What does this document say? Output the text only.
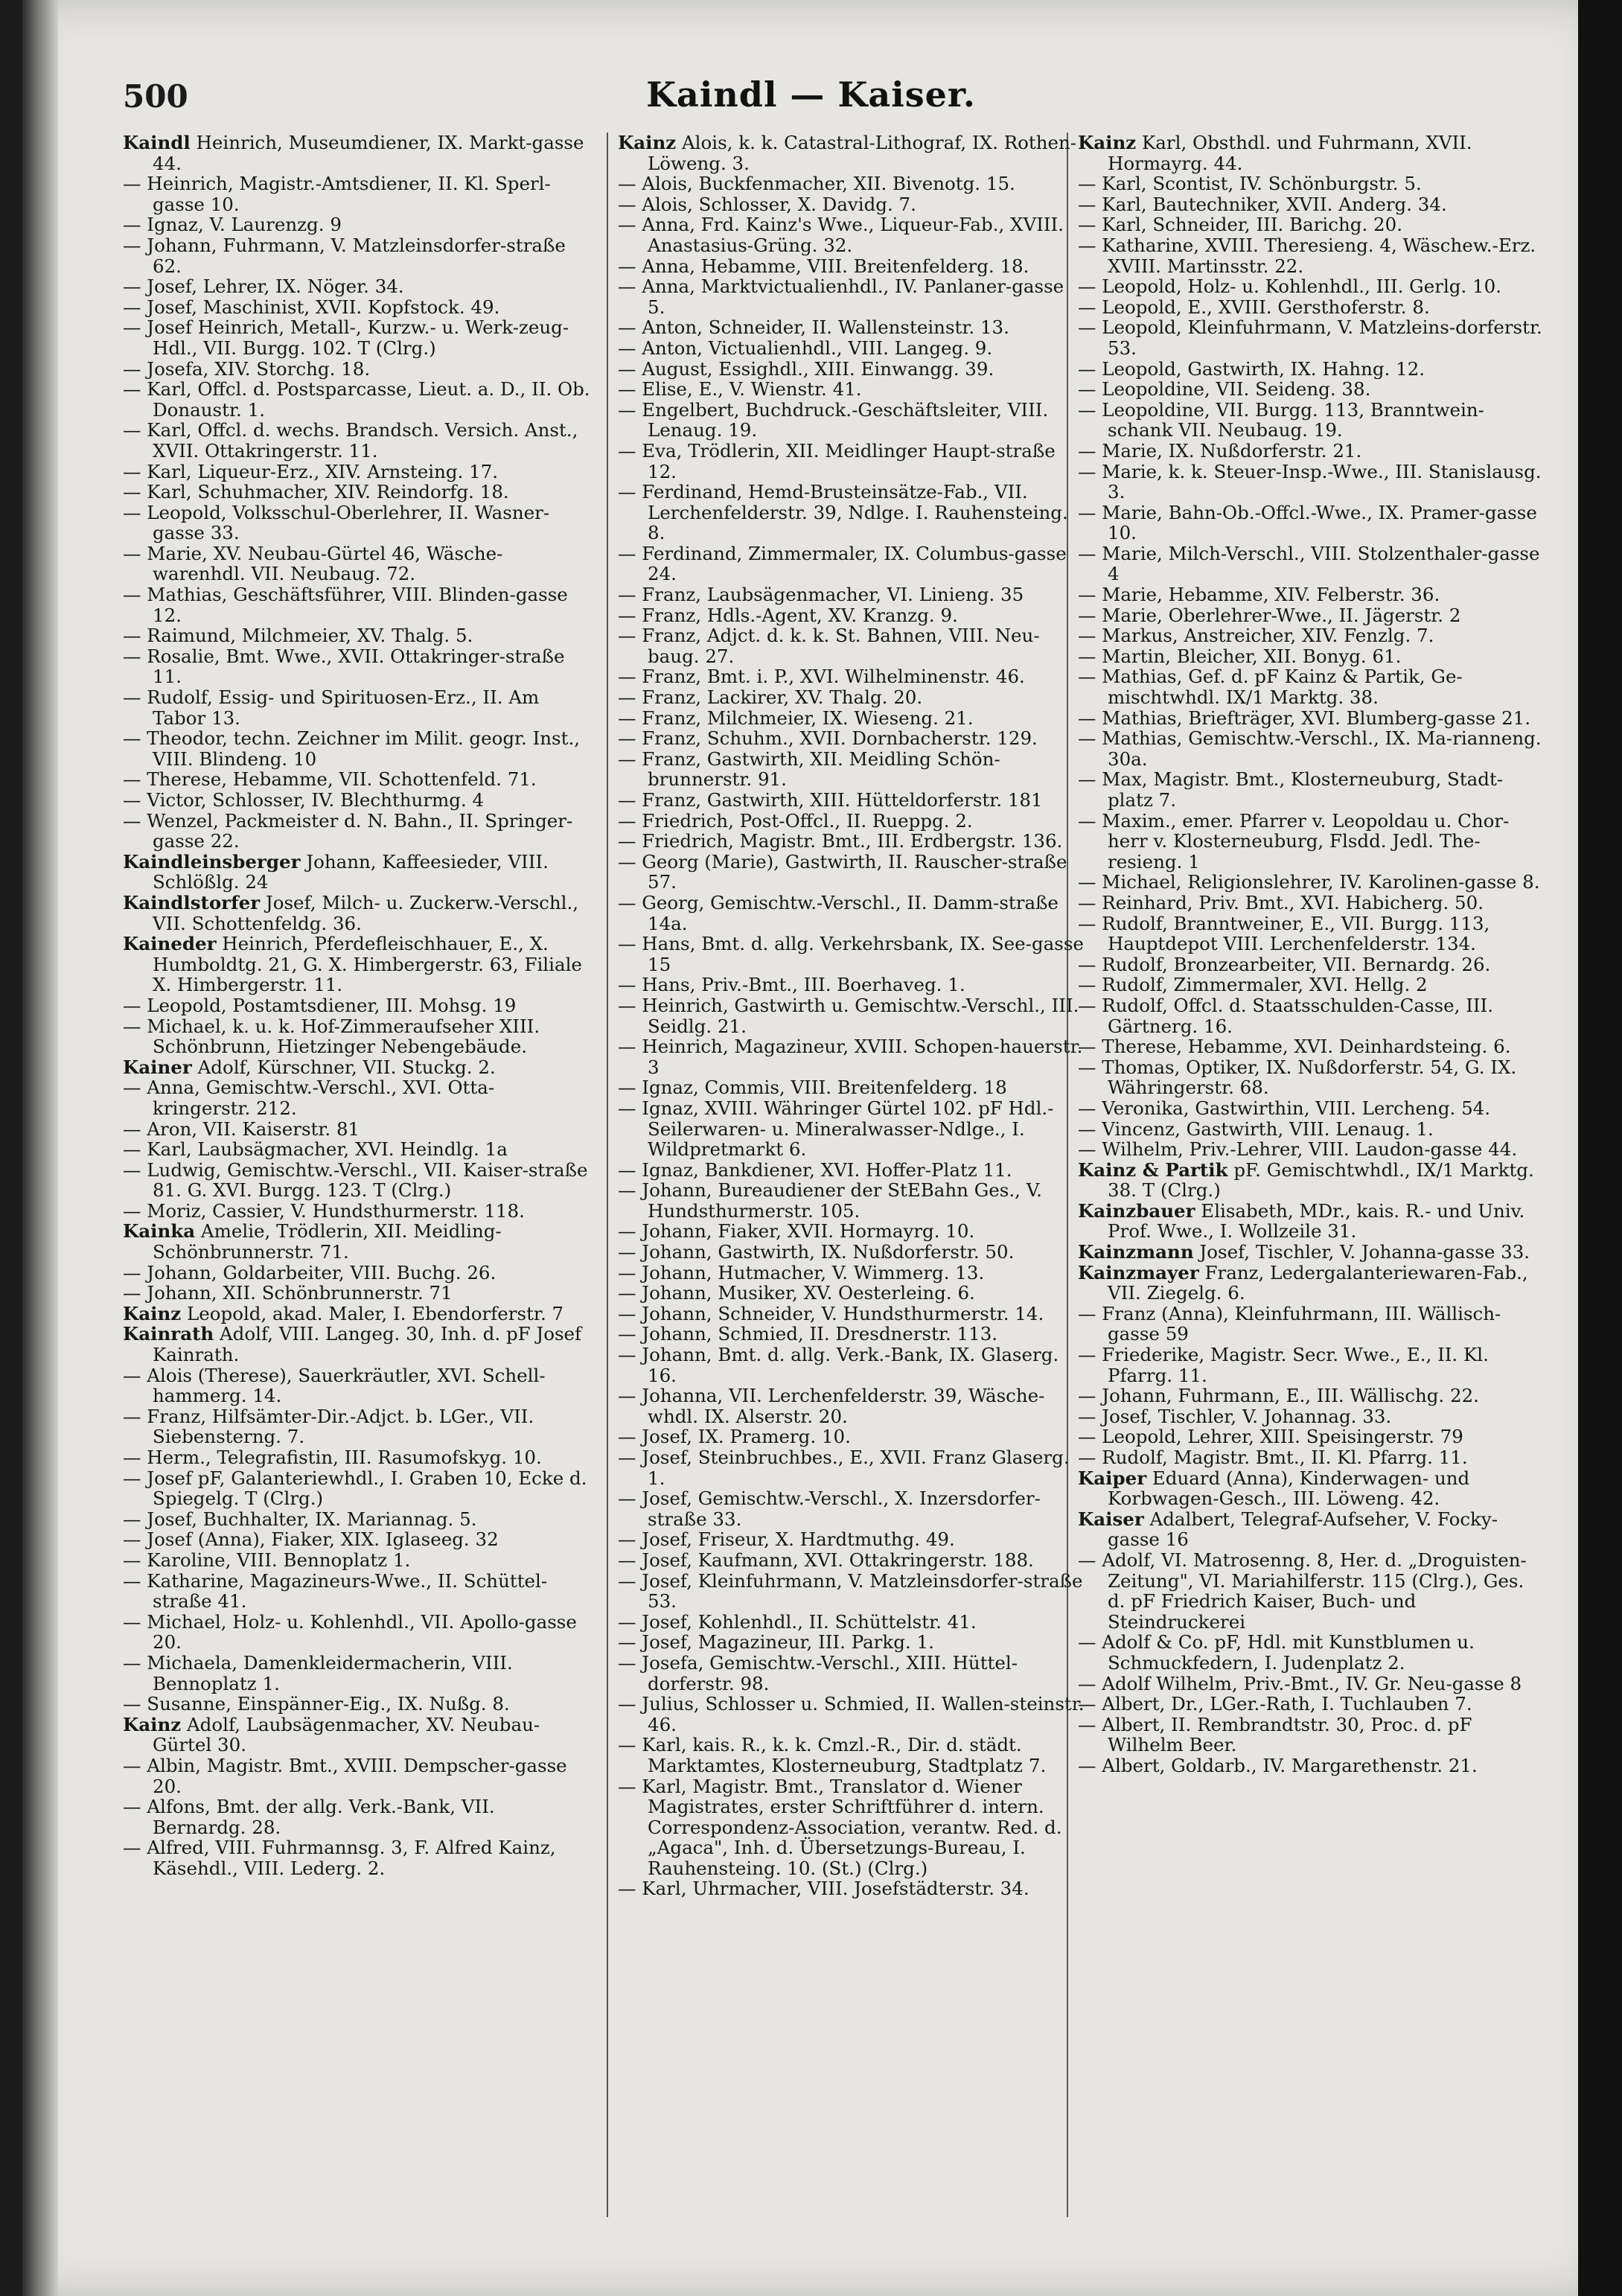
500	Kaindl — Kaiser.

Kaindl Heinrich, Museumdiener, IX. Markt-gasse 44.

— Heinrich, Magistr.-Amtsdiener, II. Kl. Sperl-gasse 10.

— Ignaz, V. Laurenzg. 9

— Johann, Fuhrmann, V. Matzleinsdorfer-straße 62.

— Josef, Lehrer, IX. Nöger. 34.

— Josef, Maschinist, XVII. Kopfstock. 49.

— Josef Heinrich, Metall-, Kurzw.- u. Werk-zeug-Hdl., VII. Burgg. 102. T (Clrg.)

— Josefa, XIV. Storchg. 18.

— Karl, Offcl. d. Postsparcasse, Lieut. a. D., II. Ob. Donaustr. 1.

— Karl, Offcl. d. wechs. Brandsch. Versich. Anst., XVII. Ottakringerstr. 11.

— Karl, Liqueur-Erz., XIV. Arnsteing. 17.

— Karl, Schuhmacher, XIV. Reindorfg. 18.

— Leopold, Volksschul-Oberlehrer, II. Wasner-gasse 33.

— Marie, XV. Neubau-Gürtel 46, Wäsche-warenhdl. VII. Neubaug. 72.

— Mathias, Geschäftsführer, VIII. Blinden-gasse 12.

— Raimund, Milchmeier, XV. Thalg. 5.

— Rosalie, Bmt. Wwe., XVII. Ottakringer-straße 11.

— Rudolf, Essig- und Spirituosen-Erz., II. Am Tabor 13.

— Theodor, techn. Zeichner im Milit. geogr. Inst., VIII. Blindeng. 10

— Therese, Hebamme, VII. Schottenfeld. 71.

— Victor, Schlosser, IV. Blechthurmg. 4

— Wenzel, Packmeister d. N. Bahn., II. Springer-gasse 22.

Kaindleinsberger Johann, Kaffeesieder, VIII. Schlößlg. 24

Kaindlstorfer Josef, Milch- u. Zuckerw.-Verschl., VII. Schottenfeldg. 36.

Kaineder Heinrich, Pferdefleischhauer, E., X. Humboldtg. 21, G. X. Himbergerstr. 63, Filiale X. Himbergerstr. 11.

— Leopold, Postamtsdiener, III. Mohsg. 19

— Michael, k. u. k. Hof-Zimmeraufseher XIII. Schönbrunn, Hietzinger Nebengebäude.

Kainer Adolf, Kürschner, VII. Stuckg. 2.

— Anna, Gemischtw.-Verschl., XVI. Otta-kringerstr. 212.

— Aron, VII. Kaiserstr. 81

— Karl, Laubsägmacher, XVI. Heindlg. 1a

— Ludwig, Gemischtw.-Verschl., VII. Kaiser-straße 81. G. XVI. Burgg. 123. T (Clrg.)

— Moriz, Cassier, V. Hundsthurmerstr. 118.

Kainka Amelie, Trödlerin, XII. Meidling-Schönbrunnerstr. 71.

— Johann, Goldarbeiter, VIII. Buchg. 26.

— Johann, XII. Schönbrunnerstr. 71

Kainz Leopold, akad. Maler, I. Ebendorferstr. 7

Kainrath Adolf, VIII. Langeg. 30, Inh. d. pF Josef Kainrath.

— Alois (Therese), Sauerkräutler, XVI. Schell-hammerg. 14.

— Franz, Hilfsämter-Dir.-Adjct. b. LGer., VII. Siebensterng. 7.

— Herm., Telegrafistin, III. Rasumofskyg. 10.

— Josef pF, Galanteriewhdl., I. Graben 10, Ecke d. Spiegelg. T (Clrg.)

— Josef, Buchhalter, IX. Mariannag. 5.

— Josef (Anna), Fiaker, XIX. Iglaseeg. 32

— Karoline, VIII. Bennoplatz 1.

— Katharine, Magazineurs-Wwe., II. Schüttel-straße 41.

— Michael, Holz- u. Kohlenhdl., VII. Apollo-gasse 20.

— Michaela, Damenkleidermacherin, VIII. Bennoplatz 1.

— Susanne, Einspänner-Eig., IX. Nußg. 8.

Kainz Adolf, Laubsägenmacher, XV. Neubau-Gürtel 30.

— Albin, Magistr. Bmt., XVIII. Dempscher-gasse 20.

— Alfons, Bmt. der allg. Verk.-Bank, VII. Bernardg. 28.

— Alfred, VIII. Fuhrmannsg. 3, F. Alfred Kainz, Käsehdl., VIII. Lederg. 2.

Kainz Alois, k. k. Catastral-Lithograf, IX. Rothen-Löweng. 3.

— Alois, Buckfenmacher, XII. Bivenotg. 15.

— Alois, Schlosser, X. Davidg. 7.

— Anna, Frd. Kainz's Wwe., Liqueur-Fab., XVIII. Anastasius-Grüng. 32.

— Anna, Hebamme, VIII. Breitenfelderg. 18.

— Anna, Marktvictualienhdl., IV. Panlaner-gasse 5.

— Anton, Schneider, II. Wallensteinstr. 13.

— Anton, Victualienhdl., VIII. Langeg. 9.

— August, Essighdl., XIII. Einwangg. 39.

— Elise, E., V. Wienstr. 41.

— Engelbert, Buchdruck.-Geschäftsleiter, VIII. Lenaug. 19.

— Eva, Trödlerin, XII. Meidlinger Haupt-straße 12.

— Ferdinand, Hemd-Brusteinsätze-Fab., VII. Lerchenfelderstr. 39, Ndlge. I. Rauhensteing. 8.

— Ferdinand, Zimmermaler, IX. Columbus-gasse 24.

— Franz, Laubsägenmacher, VI. Linieng. 35

— Franz, Hdls.-Agent, XV. Kranzg. 9.

— Franz, Adjct. d. k. k. St. Bahnen, VIII. Neu-baug. 27.

— Franz, Bmt. i. P., XVI. Wilhelminenstr. 46.

— Franz, Lackirer, XV. Thalg. 20.

— Franz, Milchmeier, IX. Wieseng. 21.

— Franz, Schuhm., XVII. Dornbacherstr. 129.

— Franz, Gastwirth, XII. Meidling Schön-brunnerstr. 91.

— Franz, Gastwirth, XIII. Hütteldorferstr. 181

— Friedrich, Post-Offcl., II. Rueppg. 2.

— Friedrich, Magistr. Bmt., III. Erdbergstr. 136.

— Georg (Marie), Gastwirth, II. Rauscher-straße 57.

— Georg, Gemischtw.-Verschl., II. Damm-straße 14a.

— Hans, Bmt. d. allg. Verkehrsbank, IX. See-gasse 15

— Hans, Priv.-Bmt., III. Boerhaveg. 1.

— Heinrich, Gastwirth u. Gemischtw.-Verschl., III. Seidlg. 21.

— Heinrich, Magazineur, XVIII. Schopen-hauerstr. 3

— Ignaz, Commis, VIII. Breitenfelderg. 18

— Ignaz, XVIII. Währinger Gürtel 102. pF Hdl.-Seilerwaren- u. Mineralwasser-Ndlge., I. Wildpretmarkt 6.

— Ignaz, Bankdiener, XVI. Hoffer-Platz 11.

— Johann, Bureaudiener der StEBahn Ges., V. Hundsthurmerstr. 105.

— Johann, Fiaker, XVII. Hormayrg. 10.

— Johann, Gastwirth, IX. Nußdorferstr. 50.

— Johann, Hutmacher, V. Wimmerg. 13.

— Johann, Musiker, XV. Oesterleing. 6.

— Johann, Schneider, V. Hundsthurmerstr. 14.

— Johann, Schmied, II. Dresdnerstr. 113.

— Johann, Bmt. d. allg. Verk.-Bank, IX. Glaserg. 16.

— Johanna, VII. Lerchenfelderstr. 39, Wäsche-whdl. IX. Alserstr. 20.

— Josef, IX. Pramerg. 10.

— Josef, Steinbruchbes., E., XVII. Franz Glaserg. 1.

— Josef, Gemischtw.-Verschl., X. Inzersdorfer-straße 33.

— Josef, Friseur, X. Hardtmuthg. 49.

— Josef, Kaufmann, XVI. Ottakringerstr. 188.

— Josef, Kleinfuhrmann, V. Matzleinsdorfer-straße 53.

— Josef, Kohlenhdl., II. Schüttelstr. 41.

— Josef, Magazineur, III. Parkg. 1.

— Josefa, Gemischtw.-Verschl., XIII. Hüttel-dorferstr. 98.

— Julius, Schlosser u. Schmied, II. Wallen-steinstr. 46.

— Karl, kais. R., k. k. Cmzl.-R., Dir. d. städt. Marktamtes, Klosterneuburg, Stadtplatz 7.

— Karl, Magistr. Bmt., Translator d. Wiener Magistrates, erster Schriftführer d. intern. Correspondenz-Association, verantw. Red. d. „Agaca", Inh. d. Übersetzungs-Bureau, I. Rauhensteing. 10. (St.) (Clrg.)

— Karl, Uhrmacher, VIII. Josefstädterstr. 34.

Kainz Karl, Obsthdl. und Fuhrmann, XVII. Hormayrg. 44.

— Karl, Scontist, IV. Schönburgstr. 5.

— Karl, Bautechniker, XVII. Anderg. 34.

— Karl, Schneider, III. Barichg. 20.

— Katharine, XVIII. Theresieng. 4, Wäschew.-Erz. XVIII. Martinsstr. 22.

— Leopold, Holz- u. Kohlenhdl., III. Gerlg. 10.

— Leopold, E., XVIII. Gersthoferstr. 8.

— Leopold, Kleinfuhrmann, V. Matzleins-dorferstr. 53.

— Leopold, Gastwirth, IX. Hahng. 12.

— Leopoldine, VII. Seideng. 38.

— Leopoldine, VII. Burgg. 113, Branntwein-schank VII. Neubaug. 19.

— Marie, IX. Nußdorferstr. 21.

— Marie, k. k. Steuer-Insp.-Wwe., III. Stanislausg. 3.

— Marie, Bahn-Ob.-Offcl.-Wwe., IX. Pramer-gasse 10.

— Marie, Milch-Verschl., VIII. Stolzenthaler-gasse 4

— Marie, Hebamme, XIV. Felberstr. 36.

— Marie, Oberlehrer-Wwe., II. Jägerstr. 2

— Markus, Anstreicher, XIV. Fenzlg. 7.

— Martin, Bleicher, XII. Bonyg. 61.

— Mathias, Gef. d. pF Kainz & Partik, Ge-mischtwhdl. IX/1 Marktg. 38.

— Mathias, Briefträger, XVI. Blumberg-gasse 21.

— Mathias, Gemischtw.-Verschl., IX. Ma-rianneng. 30a.

— Max, Magistr. Bmt., Klosterneuburg, Stadt-platz 7.

— Maxim., emer. Pfarrer v. Leopoldau u. Chor-herr v. Klosterneuburg, Flsdd. Jedl. The-resieng. 1

— Michael, Religionslehrer, IV. Karolinen-gasse 8.

— Reinhard, Priv. Bmt., XVI. Habicherg. 50.

— Rudolf, Branntweiner, E., VII. Burgg. 113, Hauptdepot VIII. Lerchenfelderstr. 134.

— Rudolf, Bronzearbeiter, VII. Bernardg. 26.

— Rudolf, Zimmermaler, XVI. Hellg. 2

— Rudolf, Offcl. d. Staatsschulden-Casse, III. Gärtnerg. 16.

— Therese, Hebamme, XVI. Deinhardsteing. 6.

— Thomas, Optiker, IX. Nußdorferstr. 54, G. IX. Währingerstr. 68.

— Veronika, Gastwirthin, VIII. Lercheng. 54.

— Vincenz, Gastwirth, VIII. Lenaug. 1.

— Wilhelm, Priv.-Lehrer, VIII. Laudon-gasse 44.

Kainz & Partik pF. Gemischtwhdl., IX/1 Marktg. 38. T (Clrg.)

Kainzbauer Elisabeth, MDr., kais. R.- und Univ. Prof. Wwe., I. Wollzeile 31.

Kainzmann Josef, Tischler, V. Johanna-gasse 33.

Kainzmayer Franz, Ledergalanteriewaren-Fab., VII. Ziegelg. 6.

— Franz (Anna), Kleinfuhrmann, III. Wällisch-gasse 59

— Friederike, Magistr. Secr. Wwe., E., II. Kl. Pfarrg. 11.

— Johann, Fuhrmann, E., III. Wällischg. 22.

— Josef, Tischler, V. Johannag. 33.

— Leopold, Lehrer, XIII. Speisingerstr. 79

— Rudolf, Magistr. Bmt., II. Kl. Pfarrg. 11.

Kaiper Eduard (Anna), Kinderwagen- und Korbwagen-Gesch., III. Löweng. 42.

Kaiser Adalbert, Telegraf-Aufseher, V. Focky-gasse 16

— Adolf, VI. Matrosenng. 8, Her. d. „Droguisten-Zeitung", VI. Mariahilferstr. 115 (Clrg.), Ges. d. pF Friedrich Kaiser, Buch- und Steindruckerei

— Adolf & Co. pF, Hdl. mit Kunstblumen u. Schmuckfedern, I. Judenplatz 2.

— Adolf Wilhelm, Priv.-Bmt., IV. Gr. Neu-gasse 8

— Albert, Dr., LGer.-Rath, I. Tuchlauben 7.

— Albert, II. Rembrandtstr. 30, Proc. d. pF Wilhelm Beer.

— Albert, Goldarb., IV. Margarethenstr. 21.
